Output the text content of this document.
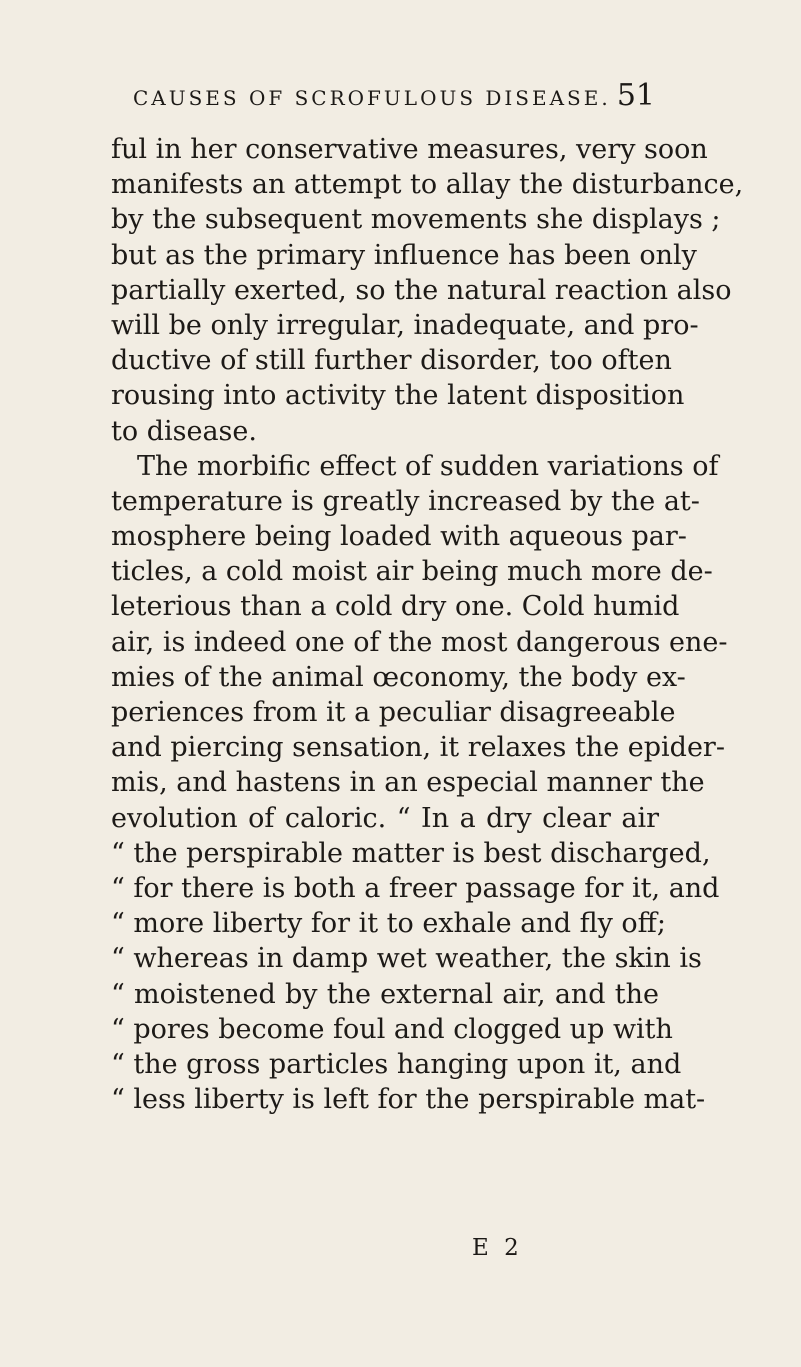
CAUSES OF SCROFULOUS DISEASE. 51
ful in her conservative measures, very soon
manifests an attempt to allay the disturbance,
by the subsequent movements she displays ;
but as the primary influence has been only
partially exerted, so the natural reaction also
will be only irregular, inadequate, and pro-
ductive of still further disorder, too often
rousing into activity the latent disposition
to disease.
The morbific effect of sudden variations of
temperature is greatly increased by the at-
mosphere being loaded with aqueous par-
ticles, a cold moist air being much more de-
leterious than a cold dry one. Cold humid
air, is indeed one of the most dangerous ene-
mies of the animal œconomy, the body ex-
periences from it a peculiar disagreeable
and piercing sensation, it relaxes the epider-
mis, and hastens in an especial manner the
evolution of caloric. “ In a dry clear air
“ the perspirable matter is best discharged,
“ for there is both a freer passage for it, and
“ more liberty for it to exhale and fly off;
“ whereas in damp wet weather, the skin is
“ moistened by the external air, and the
“ pores become foul and clogged up with
“ the gross particles hanging upon it, and
“ less liberty is left for the perspirable mat-
E 2
